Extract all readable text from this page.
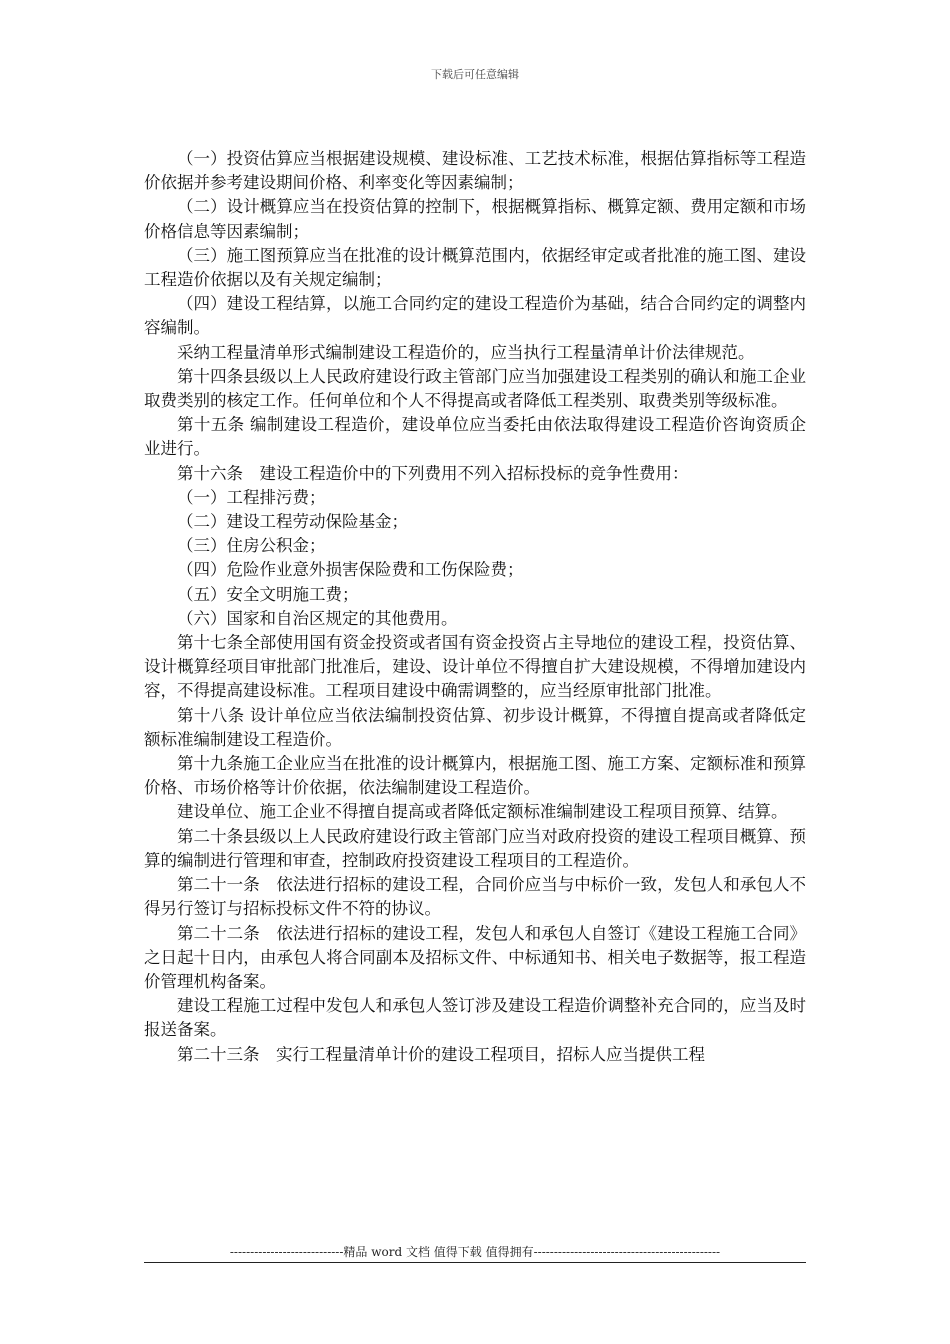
下载后可任意编辑

（一）投资估算应当根据建设规模、建设标准、工艺技术标准，根据估算指标等工程造价依据并参考建设期间价格、利率变化等因素编制；

（二）设计概算应当在投资估算的控制下，根据概算指标、概算定额、费用定额和市场价格信息等因素编制；

（三）施工图预算应当在批准的设计概算范围内，依据经审定或者批准的施工图、建设工程造价依据以及有关规定编制；

（四）建设工程结算，以施工合同约定的建设工程造价为基础，结合合同约定的调整内容编制。

采纳工程量清单形式编制建设工程造价的，应当执行工程量清单计价法律规范。

第十四条县级以上人民政府建设行政主管部门应当加强建设工程类别的确认和施工企业取费类别的核定工作。任何单位和个人不得提高或者降低工程类别、取费类别等级标准。

第十五条 编制建设工程造价，建设单位应当委托由依法取得建设工程造价咨询资质企业进行。

第十六条　建设工程造价中的下列费用不列入招标投标的竞争性费用：

（一）工程排污费；

（二）建设工程劳动保险基金；

（三）住房公积金；

（四）危险作业意外损害保险费和工伤保险费；

（五）安全文明施工费；

（六）国家和自治区规定的其他费用。

第十七条全部使用国有资金投资或者国有资金投资占主导地位的建设工程，投资估算、设计概算经项目审批部门批准后，建设、设计单位不得擅自扩大建设规模，不得增加建设内容，不得提高建设标准。工程项目建设中确需调整的，应当经原审批部门批准。

第十八条 设计单位应当依法编制投资估算、初步设计概算，不得擅自提高或者降低定额标准编制建设工程造价。

第十九条施工企业应当在批准的设计概算内，根据施工图、施工方案、定额标准和预算价格、市场价格等计价依据，依法编制建设工程造价。

建设单位、施工企业不得擅自提高或者降低定额标准编制建设工程项目预算、结算。

第二十条县级以上人民政府建设行政主管部门应当对政府投资的建设工程项目概算、预算的编制进行管理和审查，控制政府投资建设工程项目的工程造价。

第二十一条　依法进行招标的建设工程，合同价应当与中标价一致，发包人和承包人不得另行签订与招标投标文件不符的协议。

第二十二条　依法进行招标的建设工程，发包人和承包人自签订《建设工程施工合同》之日起十日内，由承包人将合同副本及招标文件、中标通知书、相关电子数据等，报工程造价管理机构备案。

建设工程施工过程中发包人和承包人签订涉及建设工程造价调整补充合同的，应当及时报送备案。

第二十三条　实行工程量清单计价的建设工程项目，招标人应当提供工程

----------------------------精品 word 文档 值得下载 值得拥有----------------------------------------------
